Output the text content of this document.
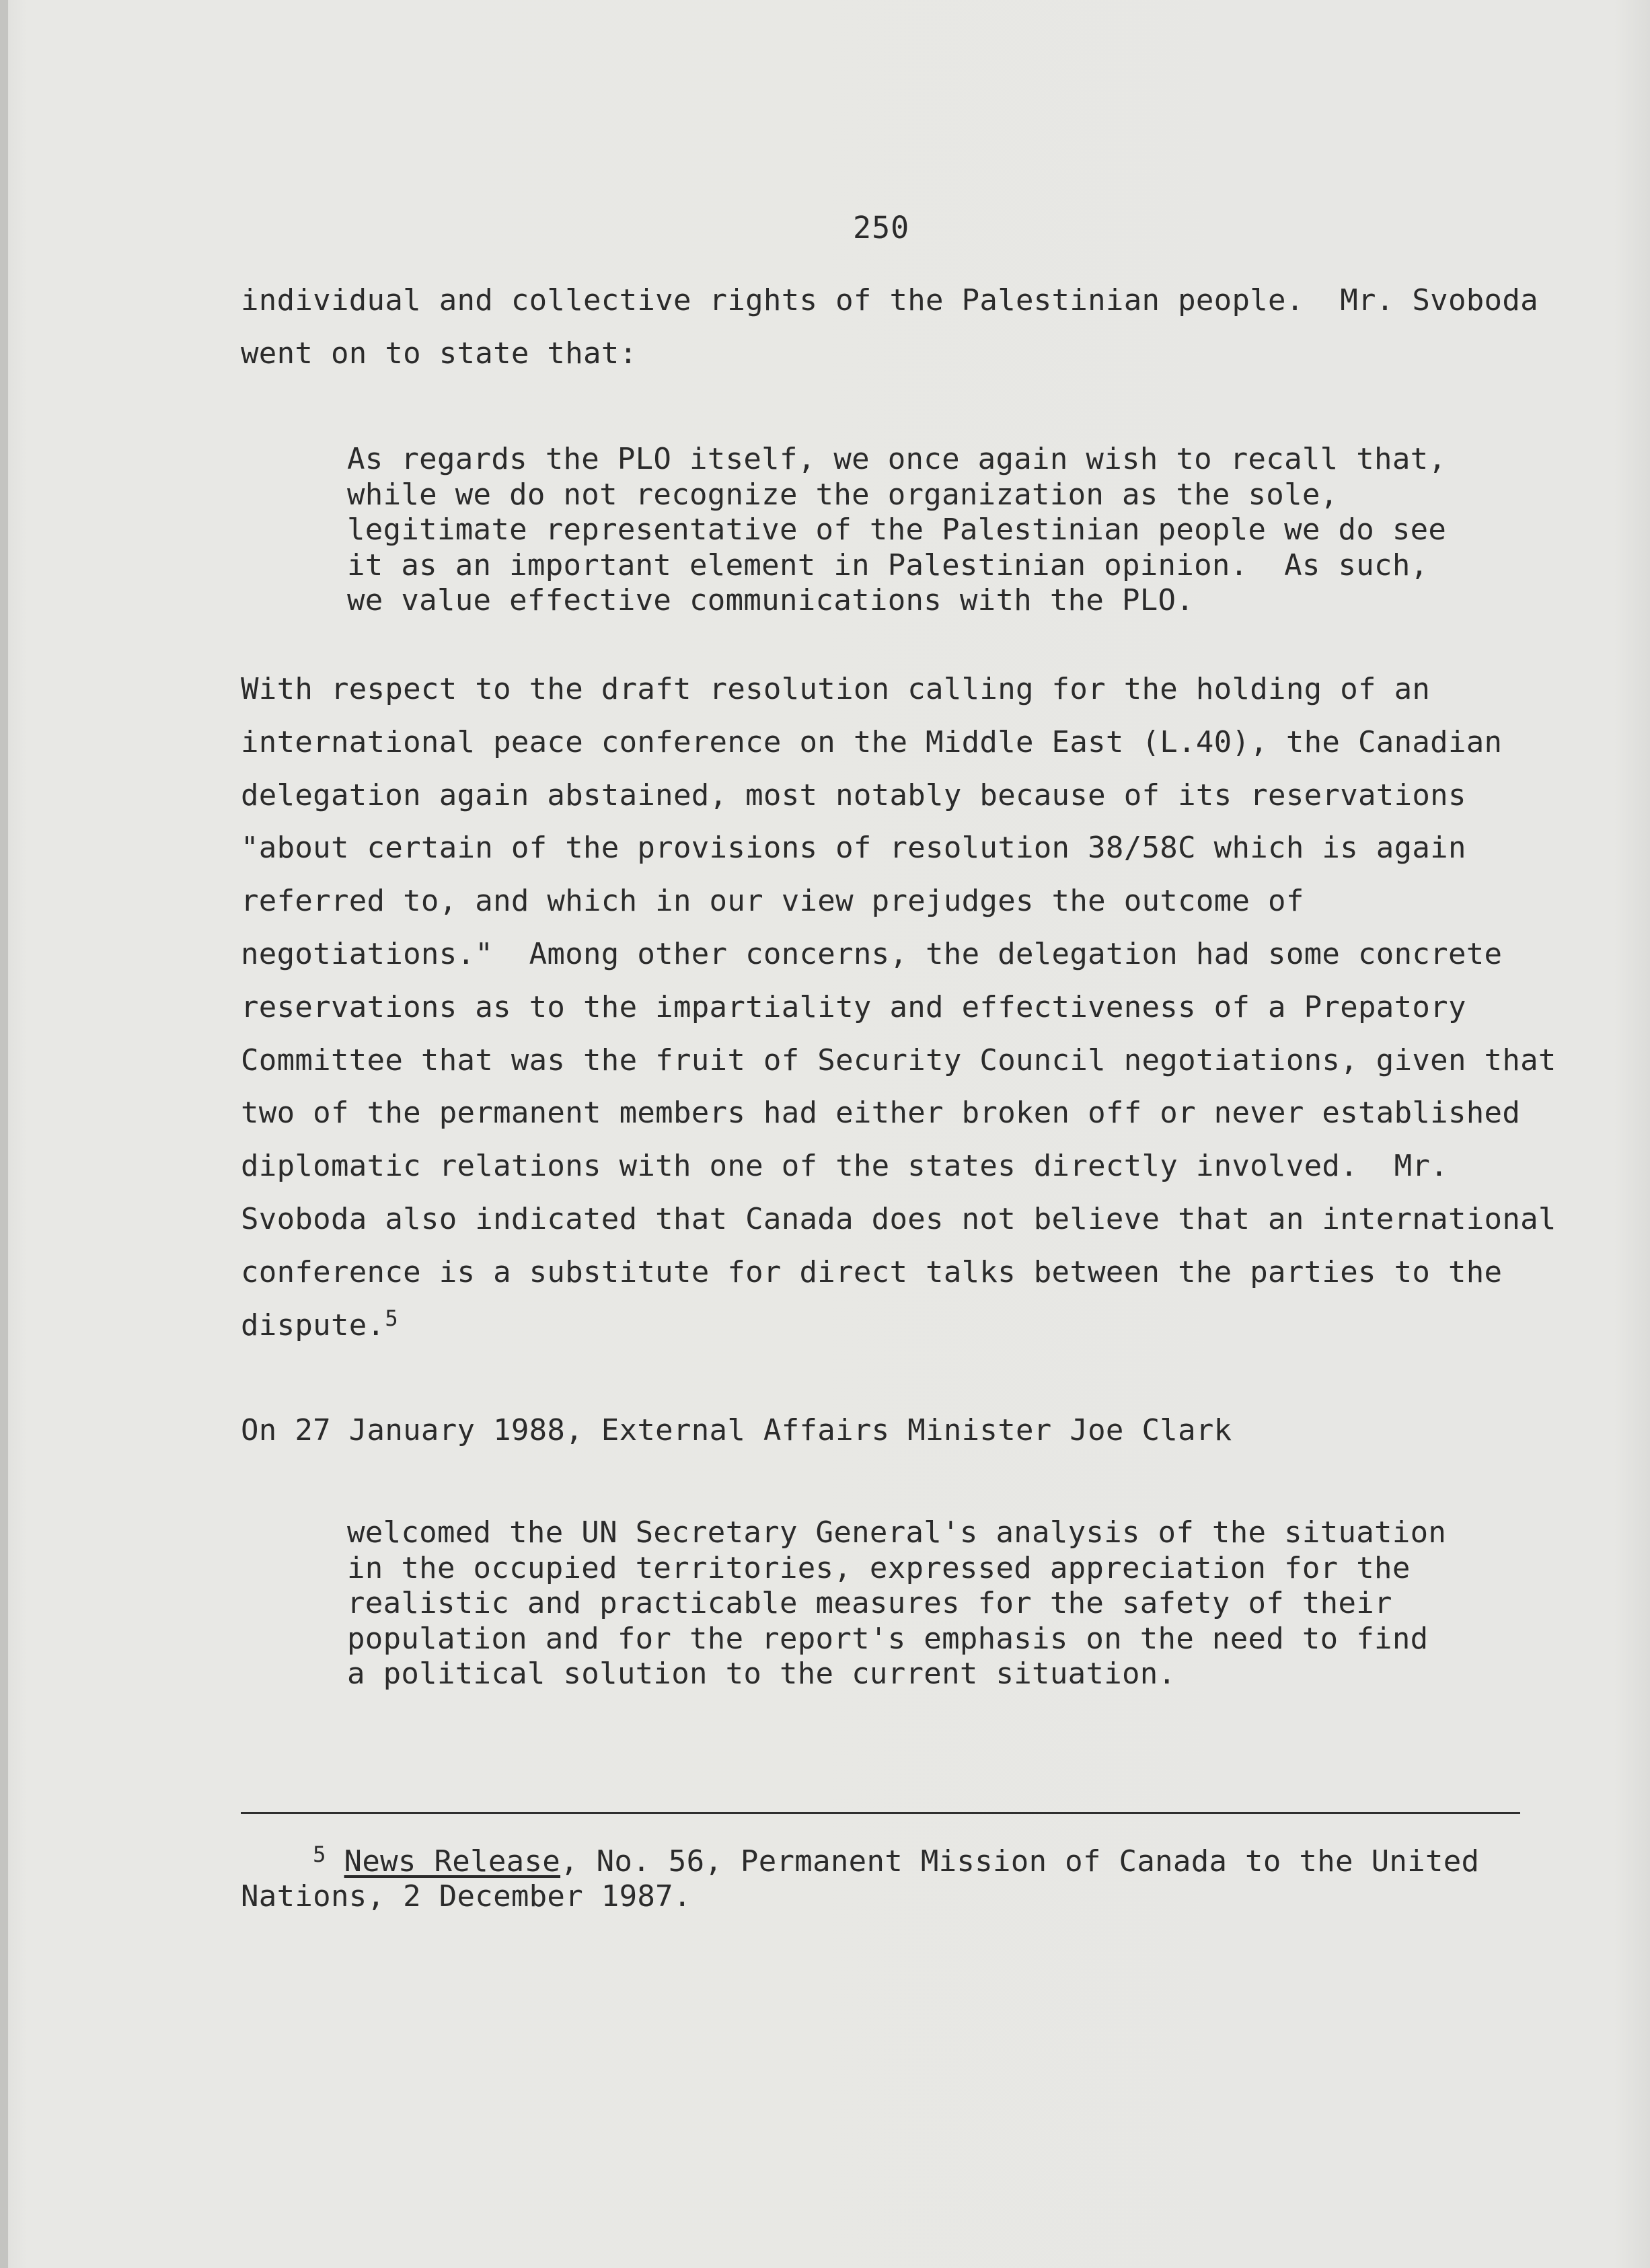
250

individual and collective rights of the Palestinian people.  Mr. Svoboda
went on to state that:

As regards the PLO itself, we once again wish to recall that,
while we do not recognize the organization as the sole,
legitimate representative of the Palestinian people we do see
it as an important element in Palestinian opinion.  As such,
we value effective communications with the PLO.

With respect to the draft resolution calling for the holding of an
international peace conference on the Middle East (L.40), the Canadian
delegation again abstained, most notably because of its reservations
"about certain of the provisions of resolution 38/58C which is again
referred to, and which in our view prejudges the outcome of
negotiations."  Among other concerns, the delegation had some concrete
reservations as to the impartiality and effectiveness of a Prepatory
Committee that was the fruit of Security Council negotiations, given that
two of the permanent members had either broken off or never established
diplomatic relations with one of the states directly involved.  Mr.
Svoboda also indicated that Canada does not believe that an international
conference is a substitute for direct talks between the parties to the
dispute.$^5$

On 27 January 1988, External Affairs Minister Joe Clark

welcomed the UN Secretary General's analysis of the situation
in the occupied territories, expressed appreciation for the
realistic and practicable measures for the safety of their
population and for the report's emphasis on the need to find
a political solution to the current situation.

$^5$ News Release, No. 56, Permanent Mission of Canada to the United
Nations, 2 December 1987.
